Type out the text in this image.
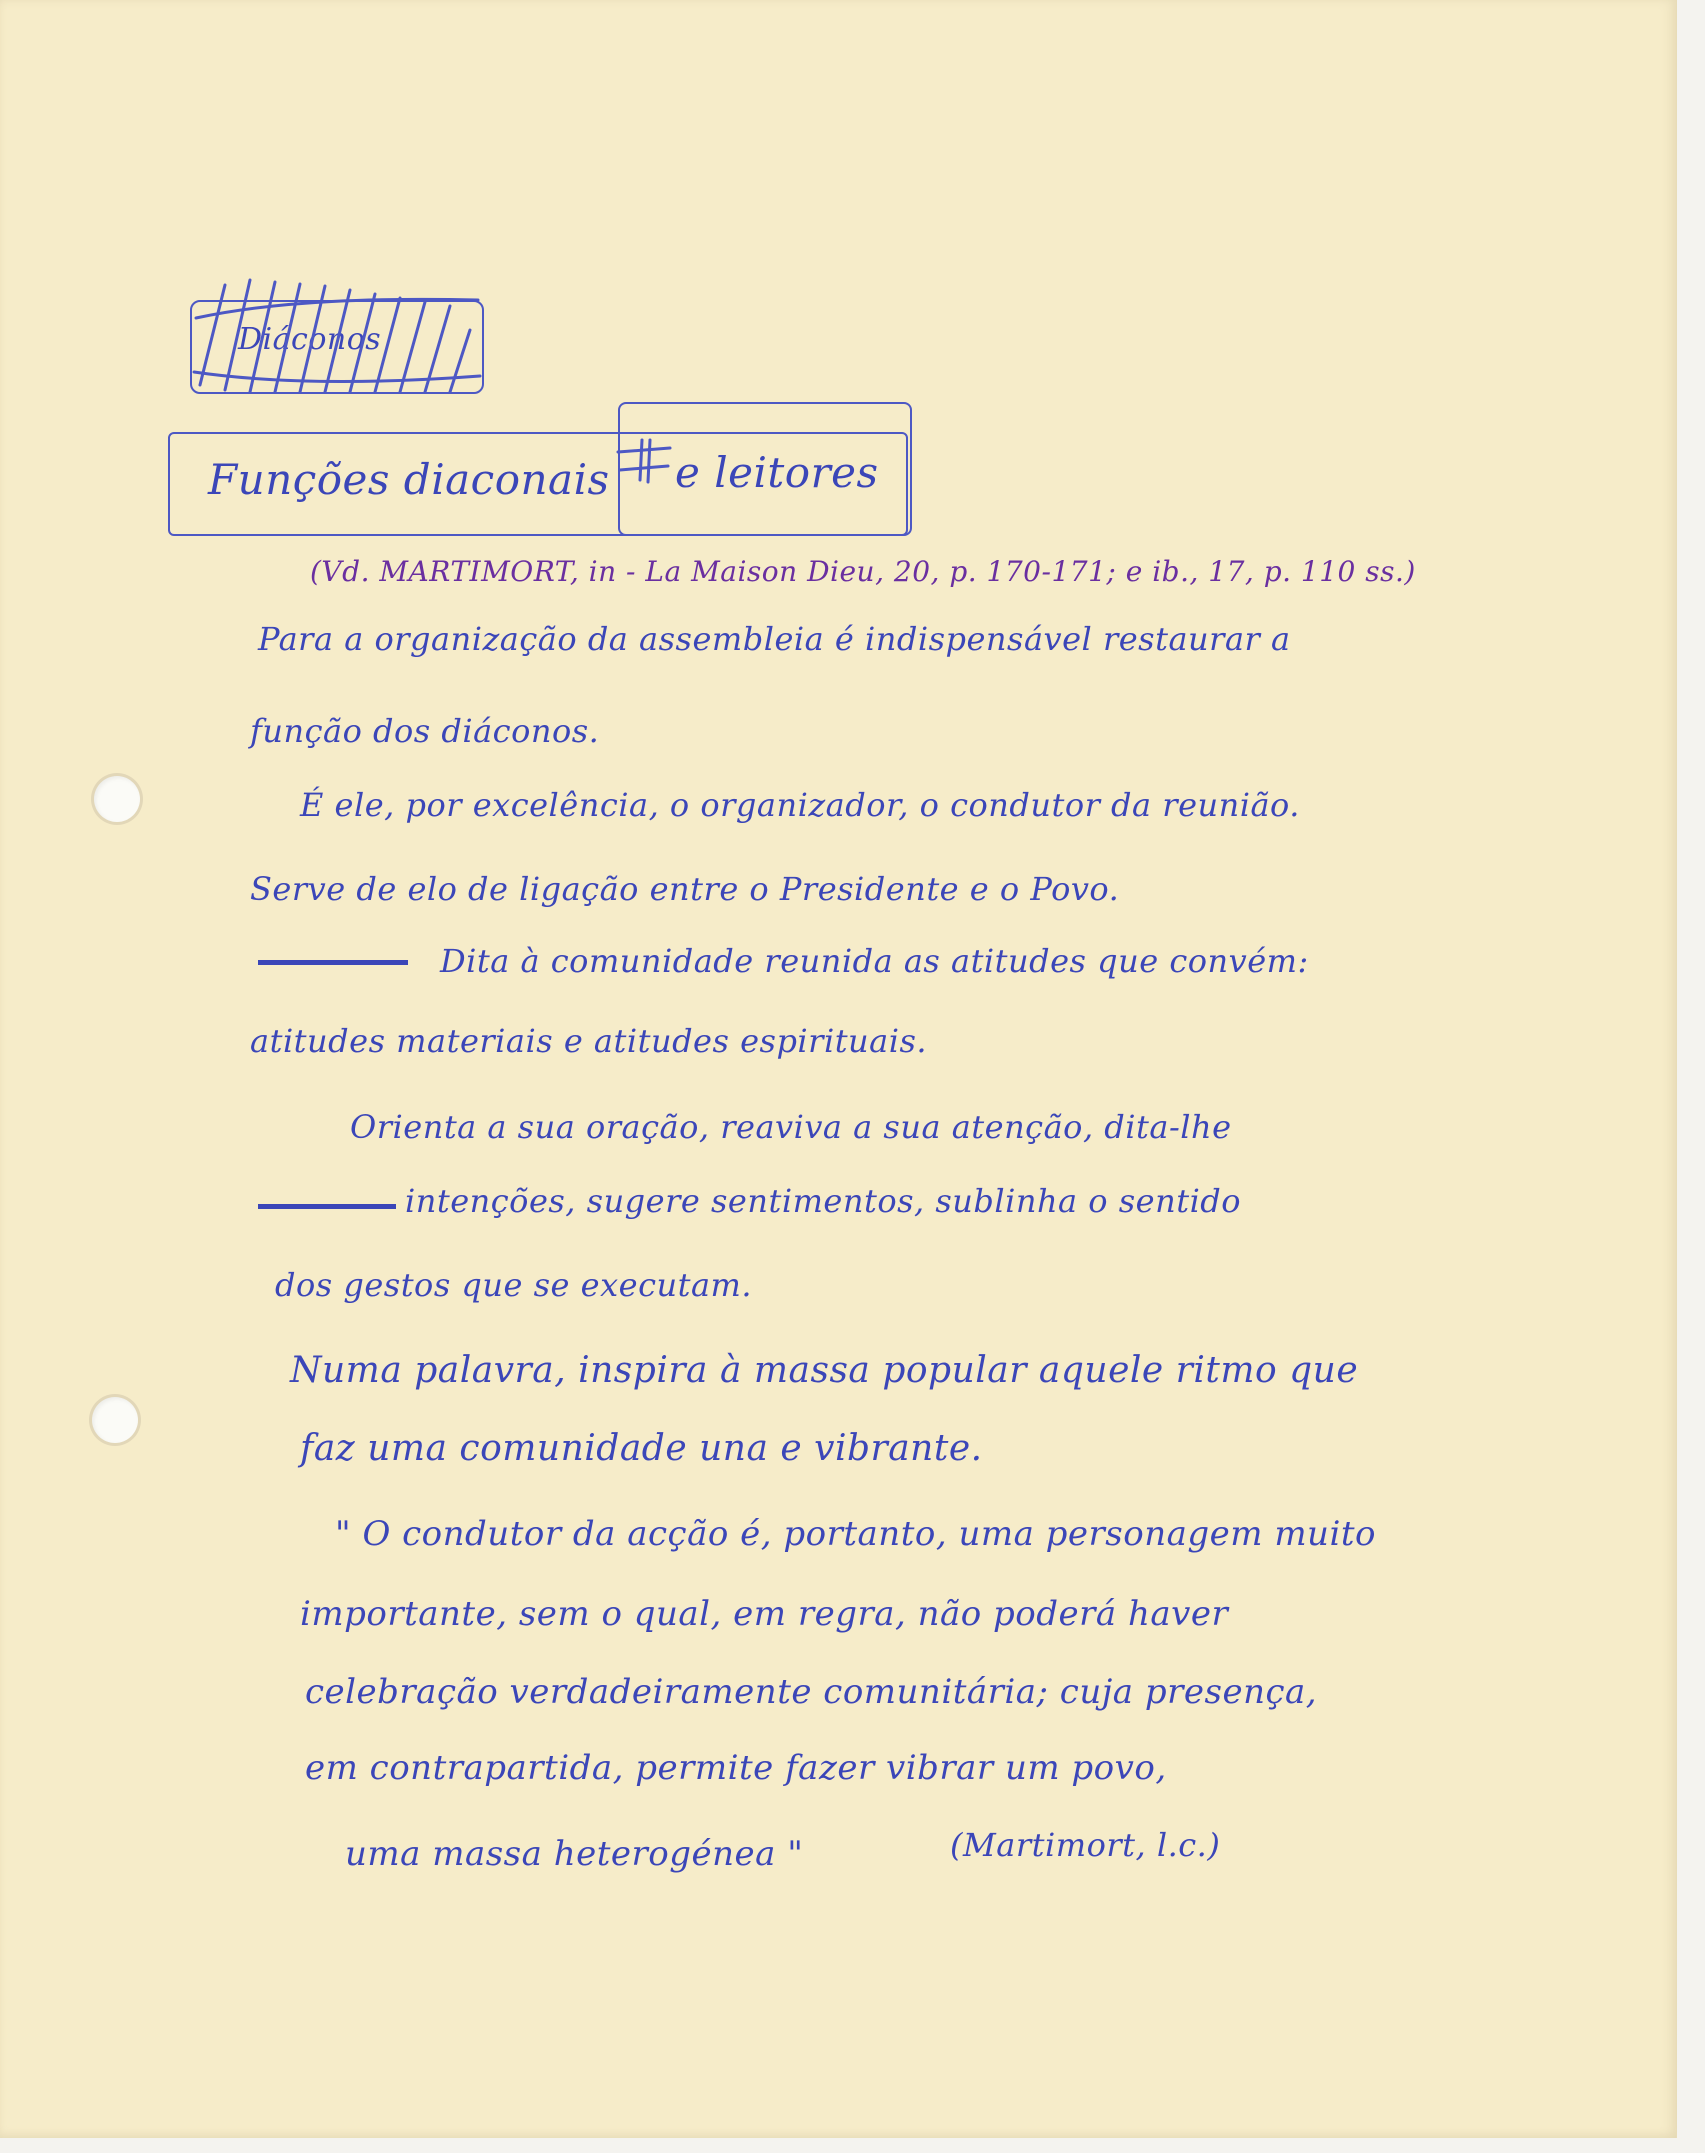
Diáconos
Funções diaconais e leitores
(Vd. MARTIMORT, in - La Maison Dieu, 20, p. 170-171; e ib., 17, p. 110 ss.)
Para a organização da assembleia é indispensável restaurar a
função dos diáconos.
É ele, por excelência, o organizador, o condutor da reunião.
Serve de elo de ligação entre o Presidente e o Povo.
Dita à comunidade reunida as atitudes que convém:
atitudes materiais e atitudes espirituais.
Orienta a sua oração, reaviva a sua atenção, dita-lhe
intenções, sugere sentimentos, sublinha o sentido
dos gestos que se executam.
Numa palavra, inspira à massa popular aquele ritmo que
faz uma comunidade una e vibrante.
" O condutor da acção é, portanto, uma personagem muito
importante, sem o qual, em regra, não poderá haver
celebração verdadeiramente comunitária; cuja presença,
em contrapartida, permite fazer vibrar um povo,
uma massa heterogénea "	(Martimort, l.c.)
